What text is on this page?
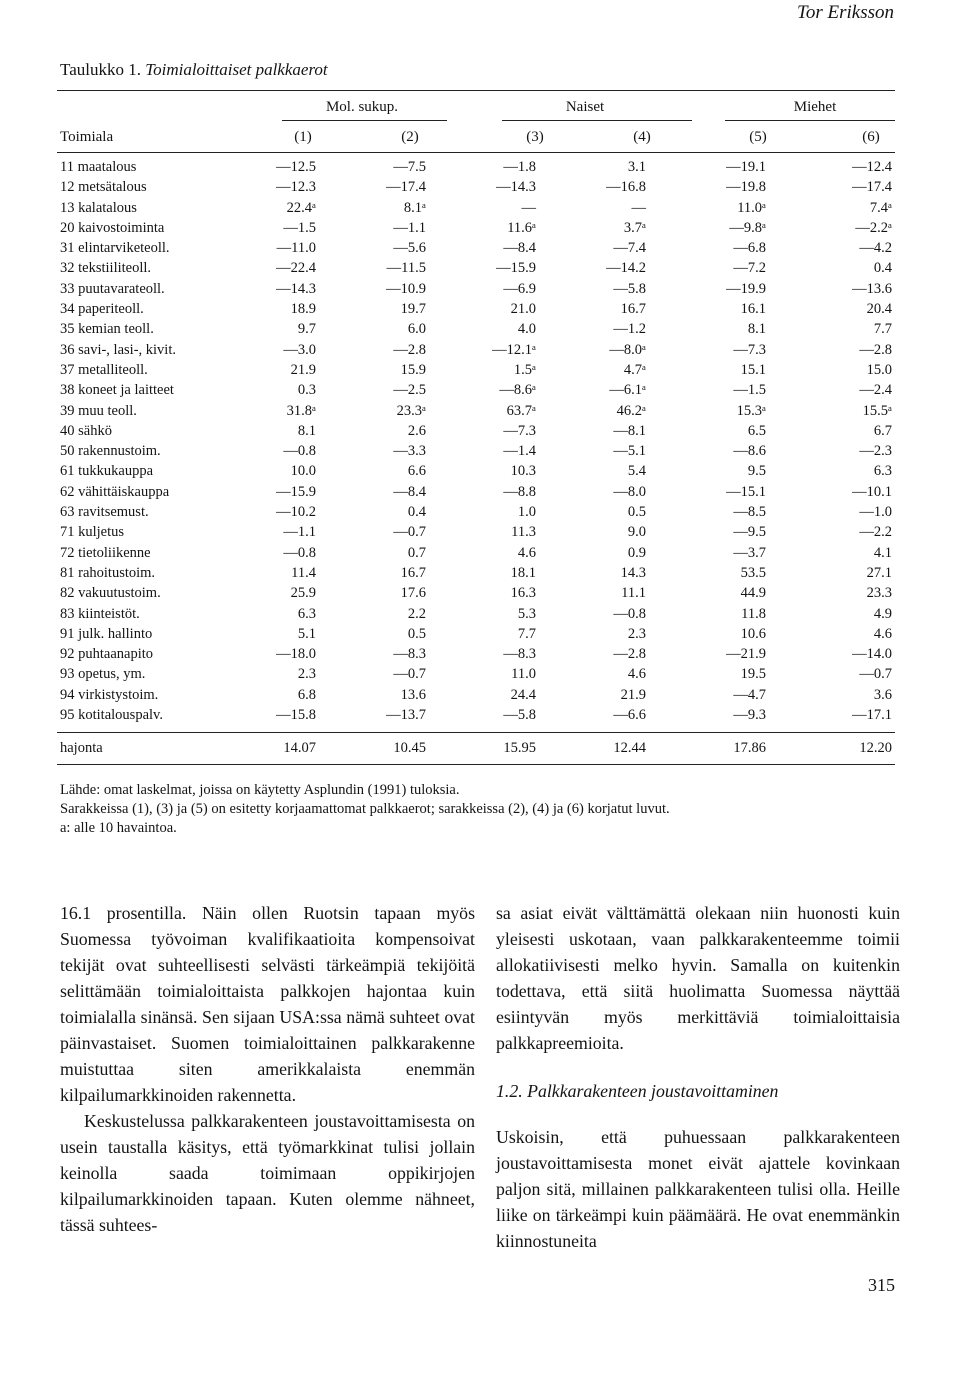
Tor Eriksson
Taulukko 1. Toimialoittaiset palkkaerot
Mol. sukup.	Naiset	Miehet
Toimiala	(1)	(2)	(3)	(4)	(5)	(6)
11 maatalous	—12.5	—7.5	—1.8	3.1	—19.1	—12.4
12 metsätalous	—12.3	—17.4	—14.3	—16.8	—19.8	—17.4
13 kalatalous	22.4ᵃ	8.1ᵃ	—	—	11.0ᵃ	7.4ᵃ
20 kaivostoiminta	—1.5	—1.1	11.6ᵃ	3.7ᵃ	—9.8ᵃ	—2.2ᵃ
31 elintarviketeoll.	—11.0	—5.6	—8.4	—7.4	—6.8	—4.2
32 tekstiiliteoll.	—22.4	—11.5	—15.9	—14.2	—7.2	0.4
33 puutavarateoll.	—14.3	—10.9	—6.9	—5.8	—19.9	—13.6
34 paperiteoll.	18.9	19.7	21.0	16.7	16.1	20.4
35 kemian teoll.	9.7	6.0	4.0	—1.2	8.1	7.7
36 savi-, lasi-, kivit.	—3.0	—2.8	—12.1ᵃ	—8.0ᵃ	—7.3	—2.8
37 metalliteoll.	21.9	15.9	1.5ᵃ	4.7ᵃ	15.1	15.0
38 koneet ja laitteet	0.3	—2.5	—8.6ᵃ	—6.1ᵃ	—1.5	—2.4
39 muu teoll.	31.8ᵃ	23.3ᵃ	63.7ᵃ	46.2ᵃ	15.3ᵃ	15.5ᵃ
40 sähkö	8.1	2.6	—7.3	—8.1	6.5	6.7
50 rakennustoim.	—0.8	—3.3	—1.4	—5.1	—8.6	—2.3
61 tukkukauppa	10.0	6.6	10.3	5.4	9.5	6.3
62 vähittäiskauppa	—15.9	—8.4	—8.8	—8.0	—15.1	—10.1
63 ravitsemust.	—10.2	0.4	1.0	0.5	—8.5	—1.0
71 kuljetus	—1.1	—0.7	11.3	9.0	—9.5	—2.2
72 tietoliikenne	—0.8	0.7	4.6	0.9	—3.7	4.1
81 rahoitustoim.	11.4	16.7	18.1	14.3	53.5	27.1
82 vakuutustoim.	25.9	17.6	16.3	11.1	44.9	23.3
83 kiinteistöt.	6.3	2.2	5.3	—0.8	11.8	4.9
91 julk. hallinto	5.1	0.5	7.7	2.3	10.6	4.6
92 puhtaanapito	—18.0	—8.3	—8.3	—2.8	—21.9	—14.0
93 opetus, ym.	2.3	—0.7	11.0	4.6	19.5	—0.7
94 virkistystoim.	6.8	13.6	24.4	21.9	—4.7	3.6
95 kotitalouspalv.	—15.8	—13.7	—5.8	—6.6	—9.3	—17.1
hajonta	14.07	10.45	15.95	12.44	17.86	12.20
Lähde: omat laskelmat, joissa on käytetty Asplundin (1991) tuloksia.
Sarakkeissa (1), (3) ja (5) on esitetty korjaamattomat palkkaerot; sarakkeissa (2), (4) ja (6) korjatut luvut.
a: alle 10 havaintoa.

16.1 prosentilla. Näin ollen Ruotsin tapaan myös Suomessa työvoiman kvalifikaatioita kompensoivat tekijät ovat suhteellisesti selvästi tärkeämpiä tekijöitä selittämään toimialoittaista palkkojen hajontaa kuin toimialalla sinänsä. Sen sijaan USA:ssa nämä suhteet ovat päinvastaiset. Suomen toimialoittainen palkkarakenne muistuttaa siten amerikkalaista enemmän kilpailumarkkinoiden rakennetta.

Keskustelussa palkkarakenteen joustavoittamisesta on usein taustalla käsitys, että työmarkkinat tulisi jollain keinolla saada toimimaan oppikirjojen kilpailumarkkinoiden tapaan. Kuten olemme nähneet, tässä suhtees-

sa asiat eivät välttämättä olekaan niin huonosti kuin yleisesti uskotaan, vaan palkkarakenteemme toimii allokatiivisesti melko hyvin. Samalla on kuitenkin todettava, että siitä huolimatta Suomessa näyttää esiintyvän myös merkittäviä toimialoittaisia palkkapreemioita.

1.2. Palkkarakenteen joustavoittaminen

Uskoisin, että puhuessaan palkkarakenteen joustavoittamisesta monet eivät ajattele kovinkaan paljon sitä, millainen palkkarakenteen tulisi olla. Heille liike on tärkeämpi kuin päämäärä. He ovat enemmänkin kiinnostuneita

315
